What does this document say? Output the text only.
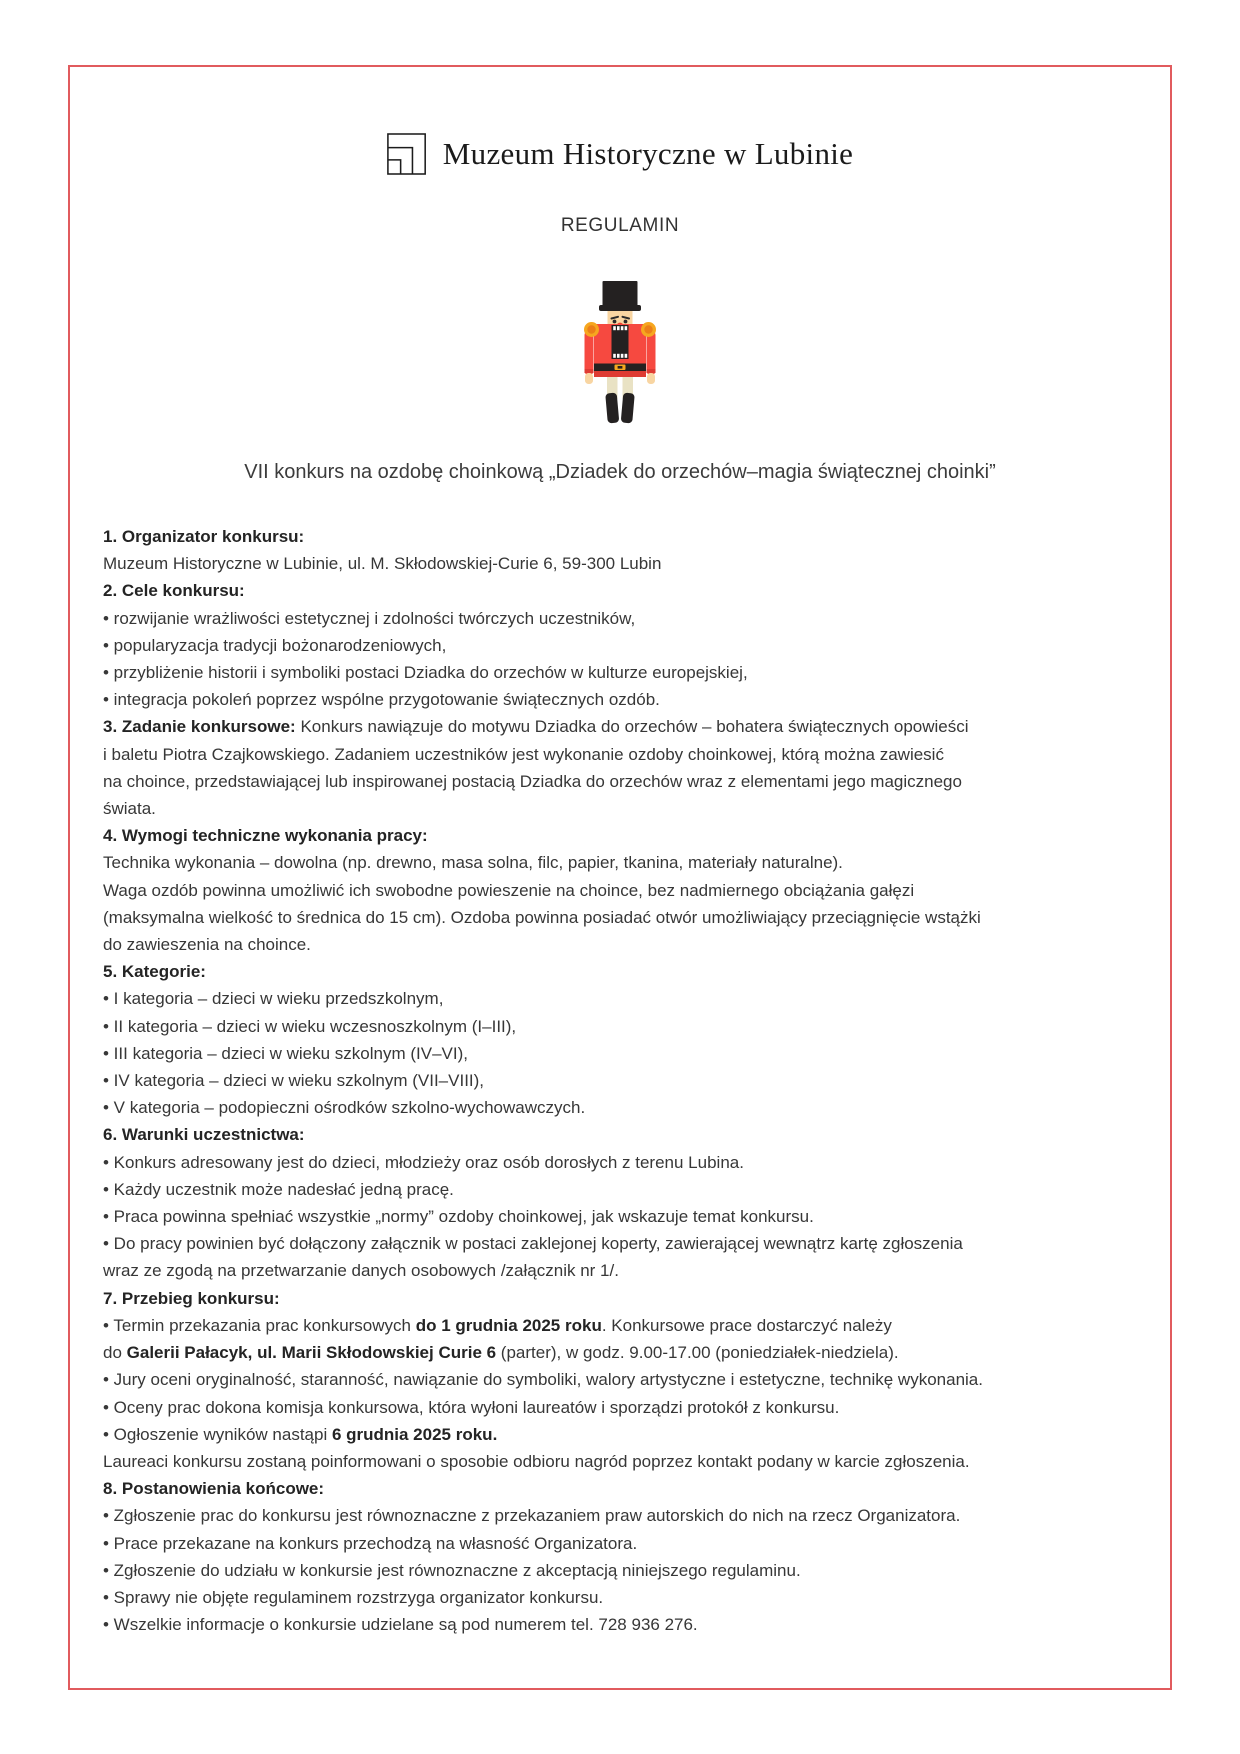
Muzeum Historyczne w Lubinie
REGULAMIN
VII konkurs na ozdobę choinkową „Dziadek do orzechów–magia świątecznej choinki”

1. Organizator konkursu:

Muzeum Historyczne w Lubinie, ul. M. Skłodowskiej-Curie 6, 59-300 Lubin

2. Cele konkursu:

• rozwijanie wrażliwości estetycznej i zdolności twórczych uczestników,

• popularyzacja tradycji bożonarodzeniowych,

• przybliżenie historii i symboliki postaci Dziadka do orzechów w kulturze europejskiej,

• integracja pokoleń poprzez wspólne przygotowanie świątecznych ozdób.

3. Zadanie konkursowe: Konkurs nawiązuje do motywu Dziadka do orzechów – bohatera świątecznych opowieści

i baletu Piotra Czajkowskiego. Zadaniem uczestników jest wykonanie ozdoby choinkowej, którą można zawiesić

na choince, przedstawiającej lub inspirowanej postacią Dziadka do orzechów wraz z elementami jego magicznego

świata.

4. Wymogi techniczne wykonania pracy:

Technika wykonania – dowolna (np. drewno, masa solna, filc, papier, tkanina, materiały naturalne).

Waga ozdób powinna umożliwić ich swobodne powieszenie na choince, bez nadmiernego obciążania gałęzi

(maksymalna wielkość to średnica do 15 cm). Ozdoba powinna posiadać otwór umożliwiający przeciągnięcie wstążki

do zawieszenia na choince.

5. Kategorie:

• I kategoria – dzieci w wieku przedszkolnym,

• II kategoria – dzieci w wieku wczesnoszkolnym (I–III),

• III kategoria – dzieci w wieku szkolnym (IV–VI),

• IV kategoria – dzieci w wieku szkolnym (VII–VIII),

• V kategoria – podopieczni ośrodków szkolno-wychowawczych.

6. Warunki uczestnictwa:

• Konkurs adresowany jest do dzieci, młodzieży oraz osób dorosłych z terenu Lubina.

• Każdy uczestnik może nadesłać jedną pracę.

• Praca powinna spełniać wszystkie „normy” ozdoby choinkowej, jak wskazuje temat konkursu.

• Do pracy powinien być dołączony załącznik w postaci zaklejonej koperty, zawierającej wewnątrz kartę zgłoszenia

wraz ze zgodą na przetwarzanie danych osobowych /załącznik nr 1/.

7. Przebieg konkursu:

• Termin przekazania prac konkursowych do 1 grudnia 2025 roku. Konkursowe prace dostarczyć należy

do Galerii Pałacyk, ul. Marii Skłodowskiej Curie 6 (parter), w godz. 9.00-17.00 (poniedziałek-niedziela).

• Jury oceni oryginalność, staranność, nawiązanie do symboliki, walory artystyczne i estetyczne, technikę wykonania.

• Oceny prac dokona komisja konkursowa, która wyłoni laureatów i sporządzi protokół z konkursu.

• Ogłoszenie wyników nastąpi 6 grudnia 2025 roku.

Laureaci konkursu zostaną poinformowani o sposobie odbioru nagród poprzez kontakt podany w karcie zgłoszenia.

8. Postanowienia końcowe:

• Zgłoszenie prac do konkursu jest równoznaczne z przekazaniem praw autorskich do nich na rzecz Organizatora.

• Prace przekazane na konkurs przechodzą na własność Organizatora.

• Zgłoszenie do udziału w konkursie jest równoznaczne z akceptacją niniejszego regulaminu.

• Sprawy nie objęte regulaminem rozstrzyga organizator konkursu.

• Wszelkie informacje o konkursie udzielane są pod numerem tel. 728 936 276.
